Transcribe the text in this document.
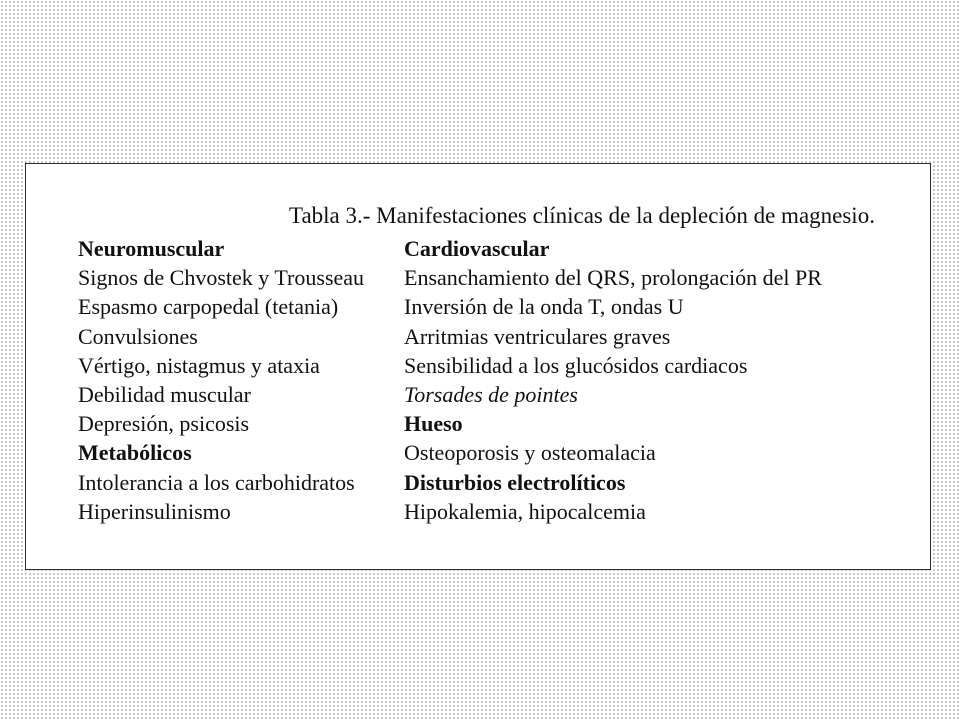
Tabla 3.- Manifestaciones clínicas de la depleción de magnesio.
Neuromuscular
Signos de Chvostek y Trousseau
Espasmo carpopedal (tetania)
Convulsiones
Vértigo, nistagmus y ataxia
Debilidad muscular
Depresión, psicosis
Metabólicos
Intolerancia a los carbohidratos
Hiperinsulinismo
Cardiovascular
Ensanchamiento del QRS, prolongación del PR
Inversión de la onda T, ondas U
Arritmias ventriculares graves
Sensibilidad a los glucósidos cardiacos
Torsades de pointes
Hueso
Osteoporosis y osteomalacia
Disturbios electrolíticos
Hipokalemia, hipocalcemia
